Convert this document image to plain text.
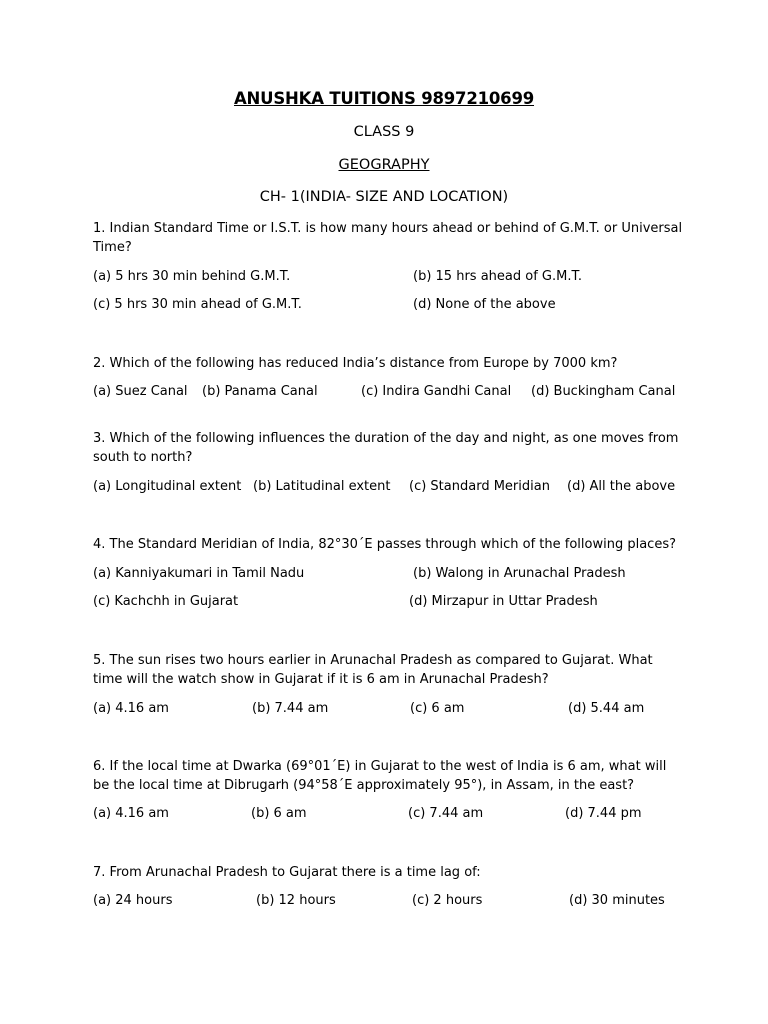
ANUSHKA TUITIONS 9897210699
CLASS 9
GEOGRAPHY
CH- 1(INDIA- SIZE AND LOCATION)
1. Indian Standard Time or I.S.T. is how many hours ahead or behind of G.M.T. or Universal Time?
(a) 5 hrs 30 min behind G.M.T.	(b) 15 hrs ahead of G.M.T.
(c) 5 hrs 30 min ahead of G.M.T.	(d) None of the above
2. Which of the following has reduced India’s distance from Europe by 7000 km?
(a) Suez Canal (b) Panama Canal	(c) Indira Gandhi Canal (d) Buckingham Canal
3. Which of the following influences the duration of the day and night, as one moves from south to north?
(a) Longitudinal extent (b) Latitudinal extent (c) Standard Meridian (d) All the above
4. The Standard Meridian of India, 82°30´E passes through which of the following places?
(a) Kanniyakumari in Tamil Nadu	(b) Walong in Arunachal Pradesh
(c) Kachchh in Gujarat	(d) Mirzapur in Uttar Pradesh
5. The sun rises two hours earlier in Arunachal Pradesh as compared to Gujarat. What time will the watch show in Gujarat if it is 6 am in Arunachal Pradesh?
(a) 4.16 am	(b) 7.44 am	(c) 6 am	(d) 5.44 am
6. If the local time at Dwarka (69°01´E) in Gujarat to the west of India is 6 am, what will be the local time at Dibrugarh (94°58´E approximately 95°), in Assam, in the east?
(a) 4.16 am	(b) 6 am	(c) 7.44 am	(d) 7.44 pm
7. From Arunachal Pradesh to Gujarat there is a time lag of:
(a) 24 hours	(b) 12 hours	(c) 2 hours	(d) 30 minutes
